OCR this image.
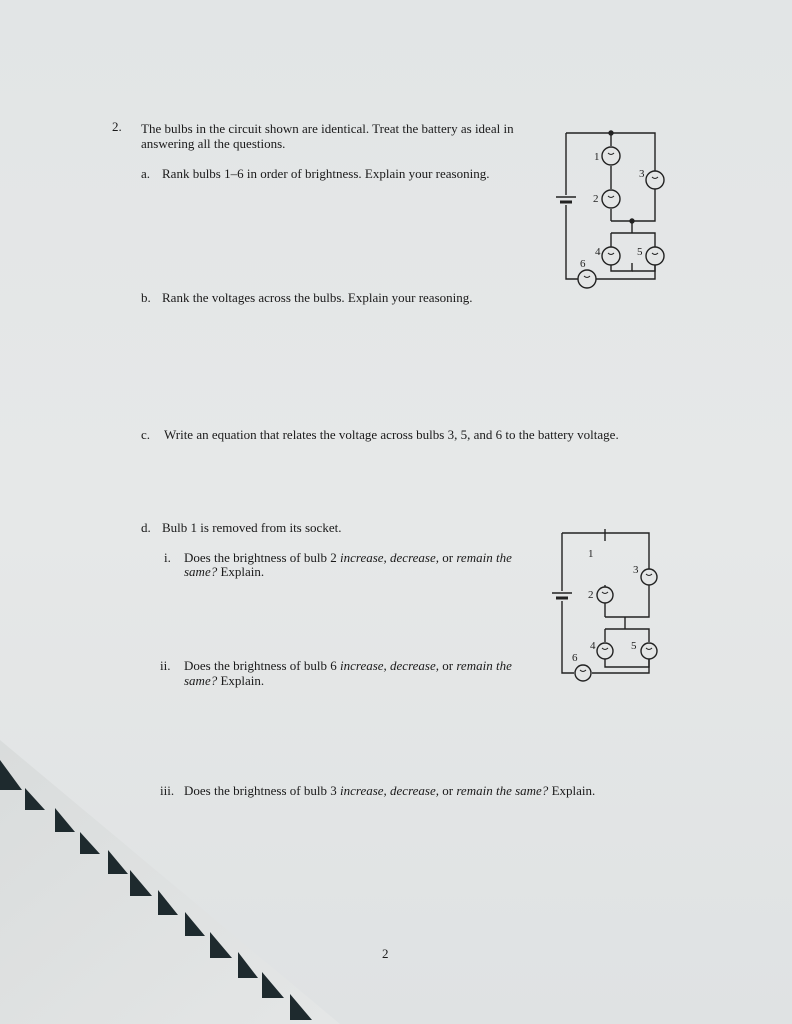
2. The bulbs in the circuit shown are identical. Treat the battery as ideal in
answering all the questions.
a. Rank bulbs 1–6 in order of brightness. Explain your reasoning.
b. Rank the voltages across the bulbs. Explain your reasoning.
c. Write an equation that relates the voltage across bulbs 3, 5, and 6 to the battery voltage.
d. Bulb 1 is removed from its socket.
i. Does the brightness of bulb 2 increase, decrease, or remain the
same? Explain.
ii. Does the brightness of bulb 6 increase, decrease, or remain the
same? Explain.
iii. Does the brightness of bulb 3 increase, decrease, or remain the same? Explain.
2
1
2
3
4	5
6
1
2
3
4	5
6
